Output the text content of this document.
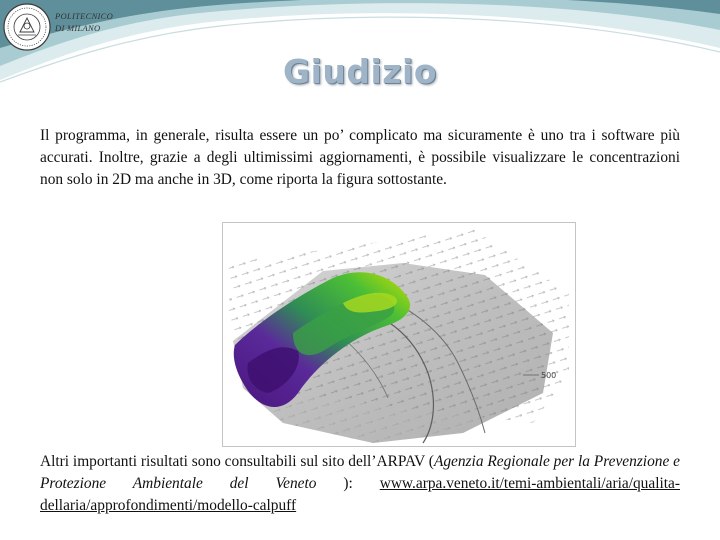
POLITECNICO
DI MILANO
Giudizio

Il programma, in generale, risulta essere un po’ complicato ma sicuramente è uno tra i software più accurati. Inoltre, grazie a degli ultimissimi aggiornamenti, è possibile visualizzare le concentrazioni non solo in 2D ma anche in 3D, come riporta la figura sottostante.

500

Altri importanti risultati sono consultabili sul sito dell’ARPAV (Agenzia Regionale per la Prevenzione e Protezione Ambientale del Veneto ): www.arpa.veneto.it/temi-ambientali/aria/qualita-dellaria/approfondimenti/modello-calpuff
